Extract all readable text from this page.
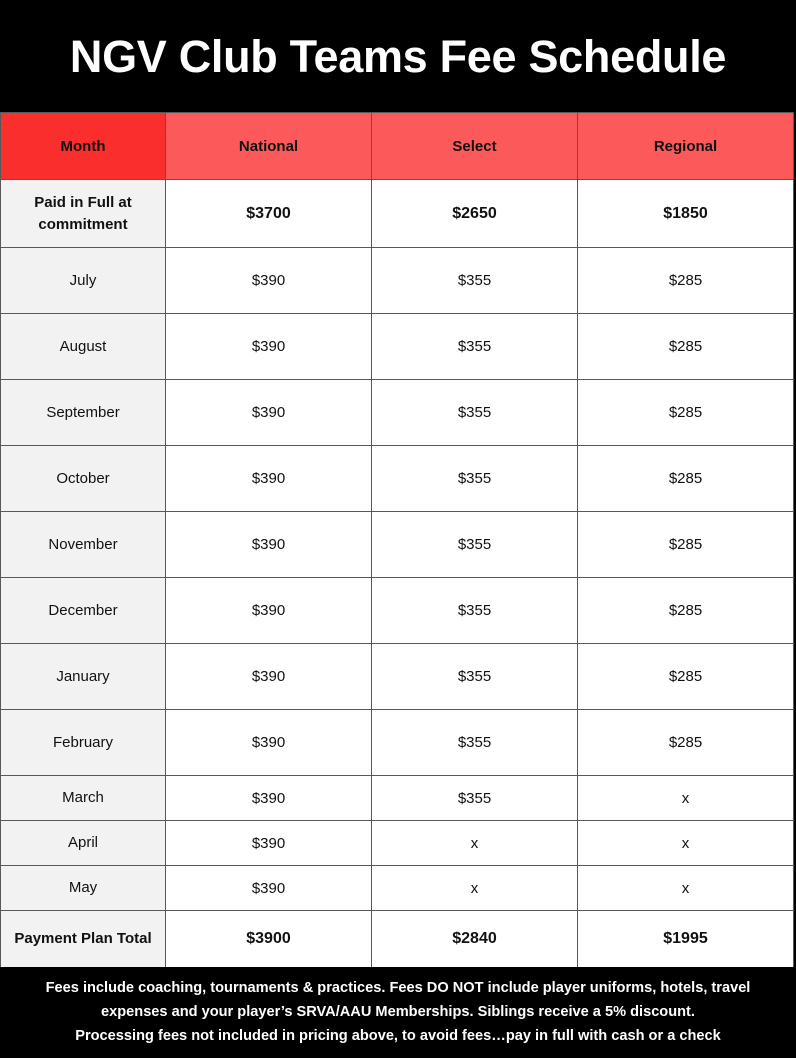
NGV Club Teams Fee Schedule
Month	National	Select	Regional
Paid in Full at commitment	$3700	$2650	$1850
July	$390	$355	$285
August	$390	$355	$285
September	$390	$355	$285
October	$390	$355	$285
November	$390	$355	$285
December	$390	$355	$285
January	$390	$355	$285
February	$390	$355	$285
March	$390	$355	x
April	$390	x	x
May	$390	x	x
Payment Plan Total	$3900	$2840	$1995
Fees include coaching, tournaments & practices. Fees DO NOT include player uniforms, hotels, travel
expenses and your player’s SRVA/AAU Memberships. Siblings receive a 5% discount.
Processing fees not included in pricing above, to avoid fees…pay in full with cash or a check
